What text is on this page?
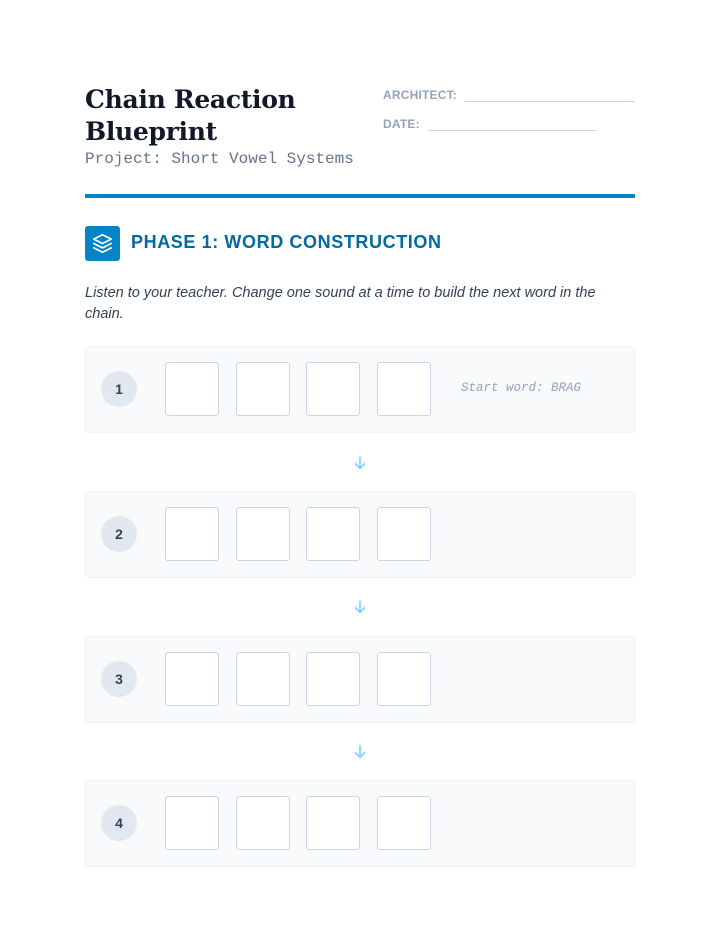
Chain Reaction Blueprint
Project: Short Vowel Systems
ARCHITECT:
DATE:
PHASE 1: WORD CONSTRUCTION
Listen to your teacher. Change one sound at a time to build the next word in the chain.
1	Start word: BRAG
2
3
4
